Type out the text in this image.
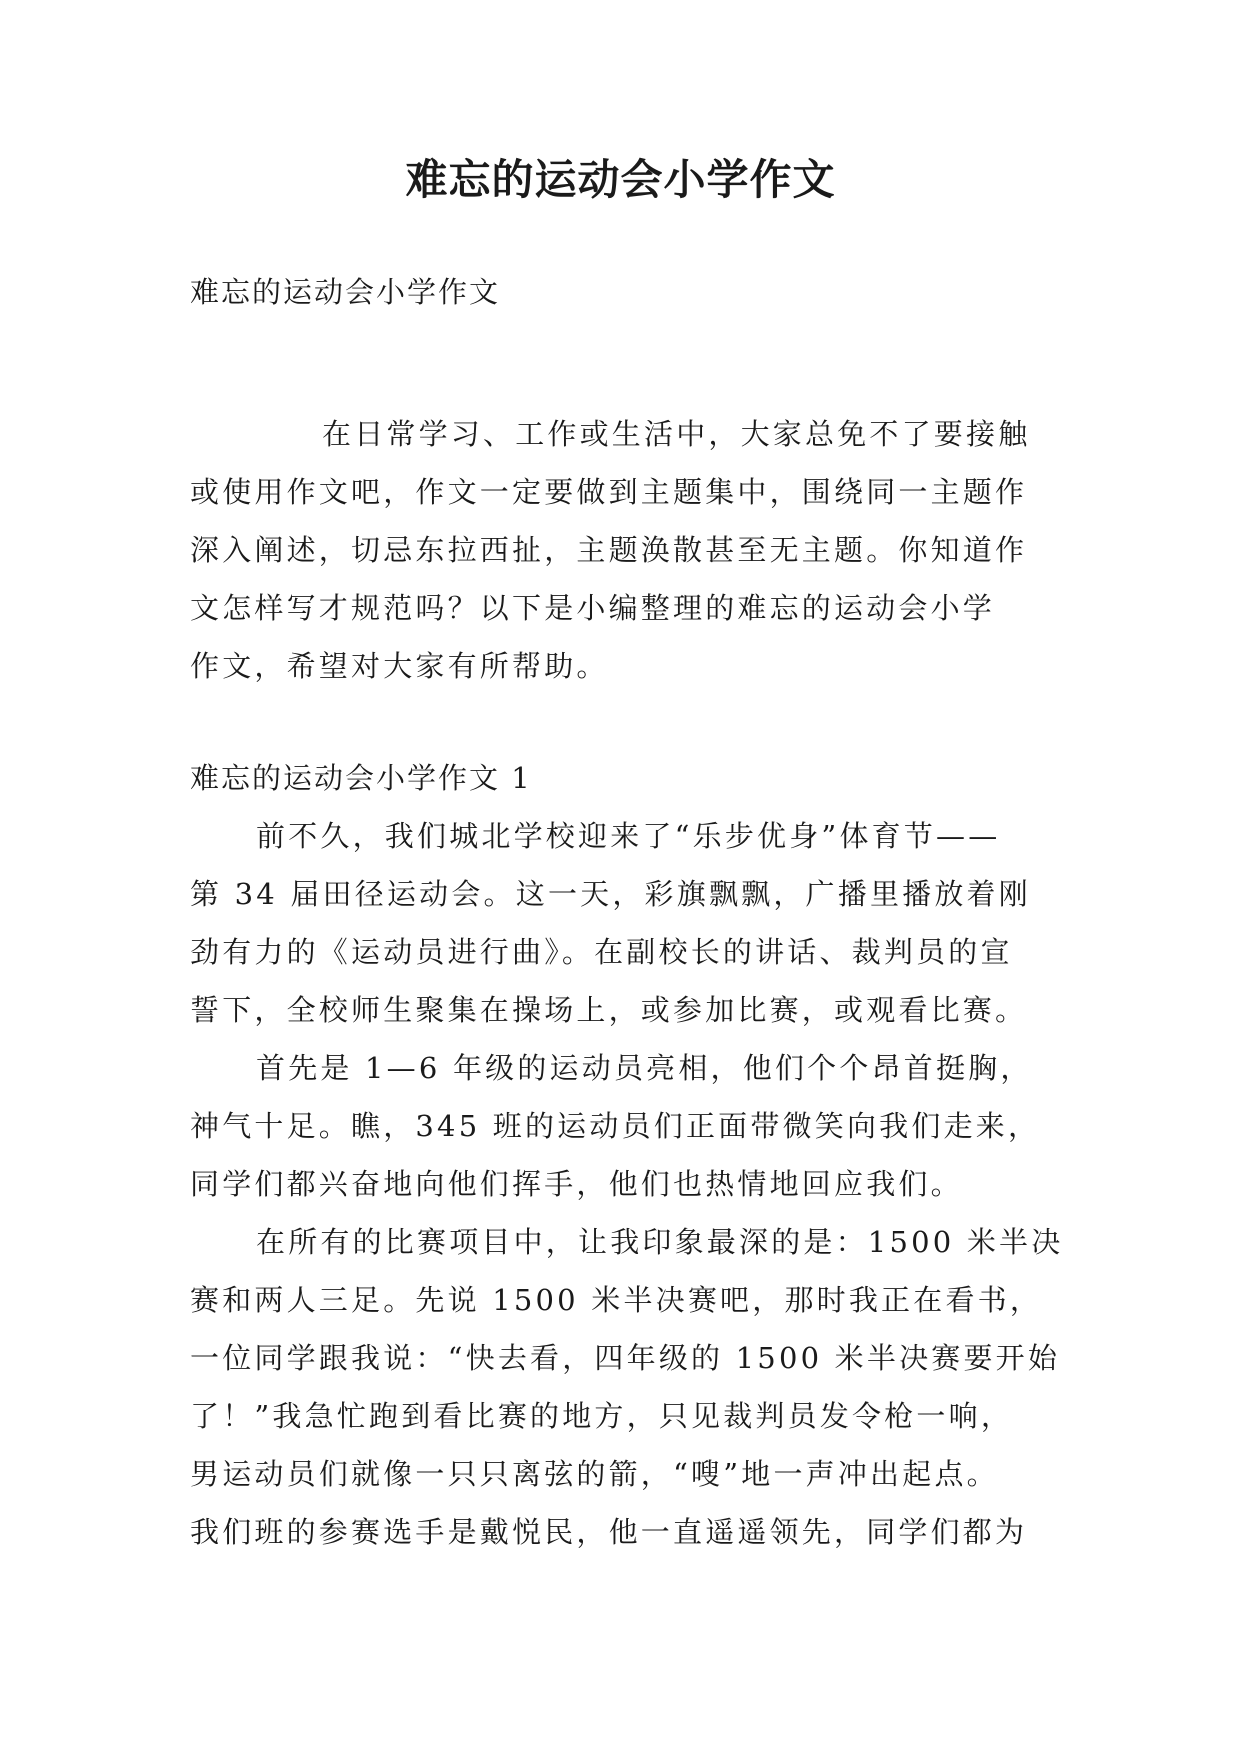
难忘的运动会小学作文
难忘的运动会小学作文
在日常学习、工作或生活中，大家总免不了要接触
或使用作文吧，作文一定要做到主题集中，围绕同一主题作
深入阐述，切忌东拉西扯，主题涣散甚至无主题。你知道作
文怎样写才规范吗？以下是小编整理的难忘的运动会小学
作文，希望对大家有所帮助。
难忘的运动会小学作文 1
前不久，我们城北学校迎来了“乐步优身”体育节——
第 34 届田径运动会。这一天，彩旗飘飘，广播里播放着刚
劲有力的《运动员进行曲》。在副校长的讲话、裁判员的宣
誓下，全校师生聚集在操场上，或参加比赛，或观看比赛。
首先是 1—6 年级的运动员亮相，他们个个昂首挺胸，
神气十足。瞧，345 班的运动员们正面带微笑向我们走来，
同学们都兴奋地向他们挥手，他们也热情地回应我们。
在所有的比赛项目中，让我印象最深的是：1500 米半决
赛和两人三足。先说 1500 米半决赛吧，那时我正在看书，
一位同学跟我说：“快去看，四年级的 1500 米半决赛要开始
了！”我急忙跑到看比赛的地方，只见裁判员发令枪一响，
男运动员们就像一只只离弦的箭，“嗖”地一声冲出起点。
我们班的参赛选手是戴悦民，他一直遥遥领先，同学们都为
